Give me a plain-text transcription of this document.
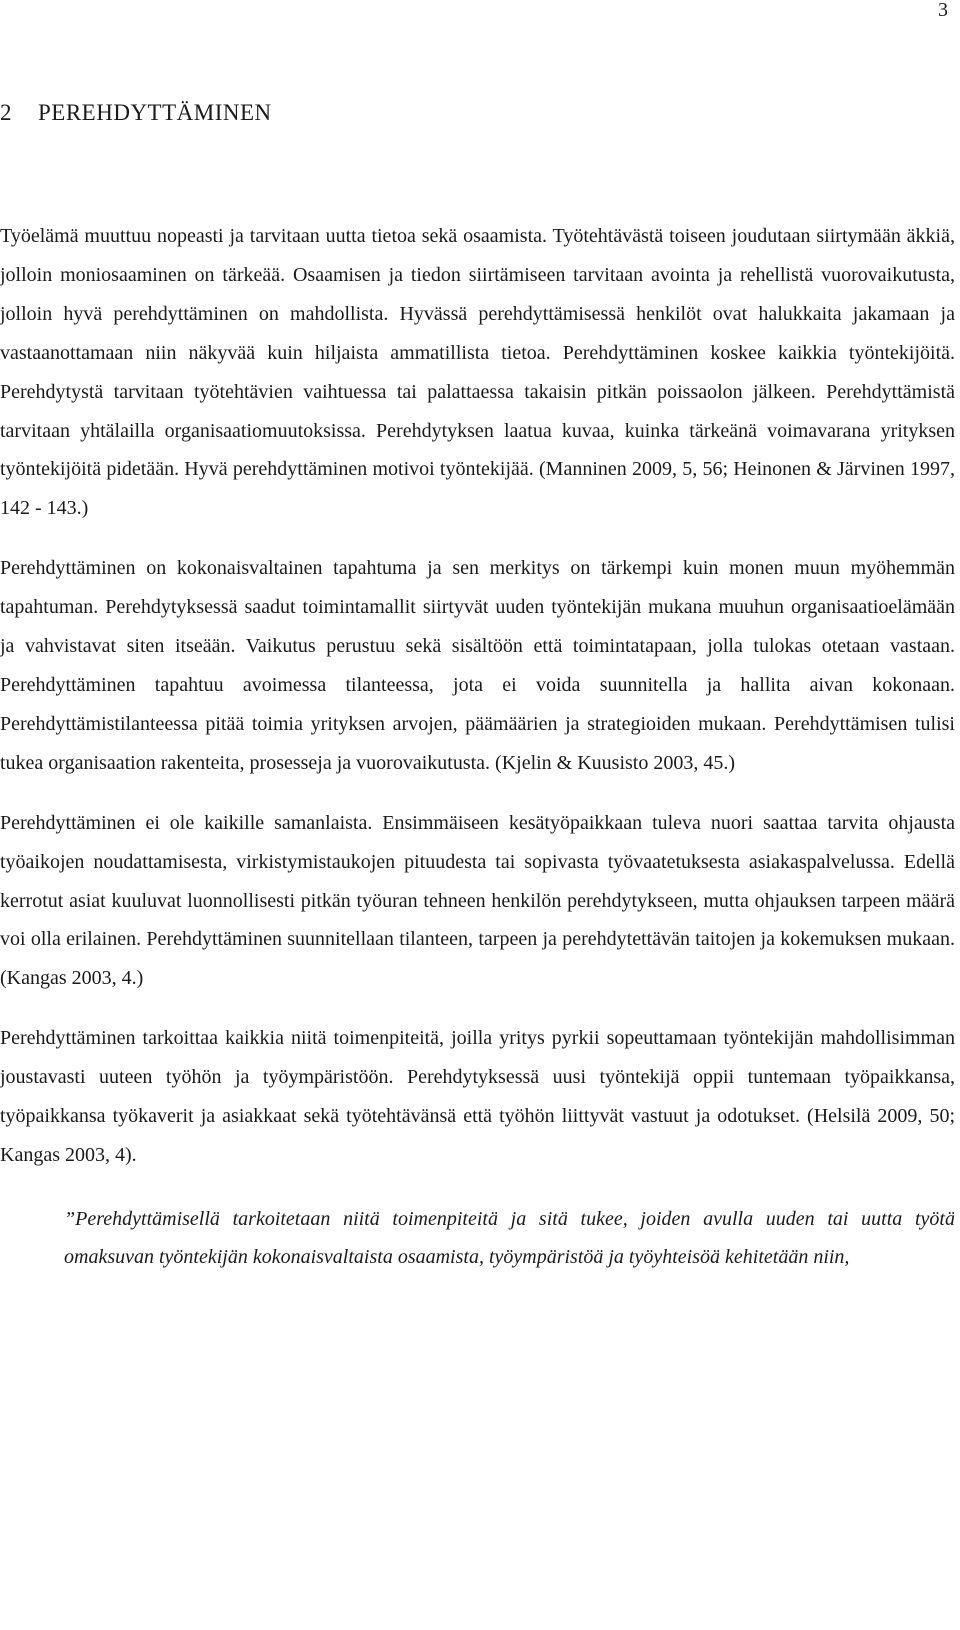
3
2 PEREHDYTTÄMINEN

Työelämä muuttuu nopeasti ja tarvitaan uutta tietoa sekä osaamista. Työtehtävästä toiseen joudutaan siirtymään äkkiä, jolloin moniosaaminen on tärkeää. Osaamisen ja tiedon siirtämiseen tarvitaan avointa ja rehellistä vuorovaikutusta, jolloin hyvä perehdyttäminen on mahdollista. Hyvässä perehdyttämisessä henkilöt ovat halukkaita jakamaan ja vastaanottamaan niin näkyvää kuin hiljaista ammatillista tietoa. Perehdyttäminen koskee kaikkia työntekijöitä. Perehdytystä tarvitaan työtehtävien vaihtuessa tai palattaessa takaisin pitkän poissaolon jälkeen. Perehdyttämistä tarvitaan yhtälailla organisaatiomuutoksissa. Perehdytyksen laatua kuvaa, kuinka tärkeänä voimavarana yrityksen työntekijöitä pidetään. Hyvä perehdyttäminen motivoi työntekijää. (Manninen 2009, 5, 56; Heinonen & Järvinen 1997, 142 - 143.)

Perehdyttäminen on kokonaisvaltainen tapahtuma ja sen merkitys on tärkempi kuin monen muun myöhemmän tapahtuman. Perehdytyksessä saadut toimintamallit siirtyvät uuden työntekijän mukana muuhun organisaatioelämään ja vahvistavat siten itseään. Vaikutus perustuu sekä sisältöön että toimintatapaan, jolla tulokas otetaan vastaan. Perehdyttäminen tapahtuu avoimessa tilanteessa, jota ei voida suunnitella ja hallita aivan kokonaan. Perehdyttämistilanteessa pitää toimia yrityksen arvojen, päämäärien ja strategioiden mukaan. Perehdyttämisen tulisi tukea organisaation rakenteita, prosesseja ja vuorovaikutusta. (Kjelin & Kuusisto 2003, 45.)

Perehdyttäminen ei ole kaikille samanlaista. Ensimmäiseen kesätyöpaikkaan tuleva nuori saattaa tarvita ohjausta työaikojen noudattamisesta, virkistymistaukojen pituudesta tai sopivasta työvaatetuksesta asiakaspalvelussa. Edellä kerrotut asiat kuuluvat luonnollisesti pitkän työuran tehneen henkilön perehdytykseen, mutta ohjauksen tarpeen määrä voi olla erilainen. Perehdyttäminen suunnitellaan tilanteen, tarpeen ja perehdytettävän taitojen ja kokemuksen mukaan. (Kangas 2003, 4.)

Perehdyttäminen tarkoittaa kaikkia niitä toimenpiteitä, joilla yritys pyrkii sopeuttamaan työntekijän mahdollisimman joustavasti uuteen työhön ja työympäristöön. Perehdytyksessä uusi työntekijä oppii tuntemaan työpaikkansa, työpaikkansa työkaverit ja asiakkaat sekä työtehtävänsä että työhön liittyvät vastuut ja odotukset. (Helsilä 2009, 50; Kangas 2003, 4).

”Perehdyttämisellä tarkoitetaan niitä toimenpiteitä ja sitä tukee, joiden avulla uuden tai uutta työtä omaksuvan työntekijän kokonaisvaltaista osaamista, työympäristöä ja työyhteisöä kehitetään niin,
